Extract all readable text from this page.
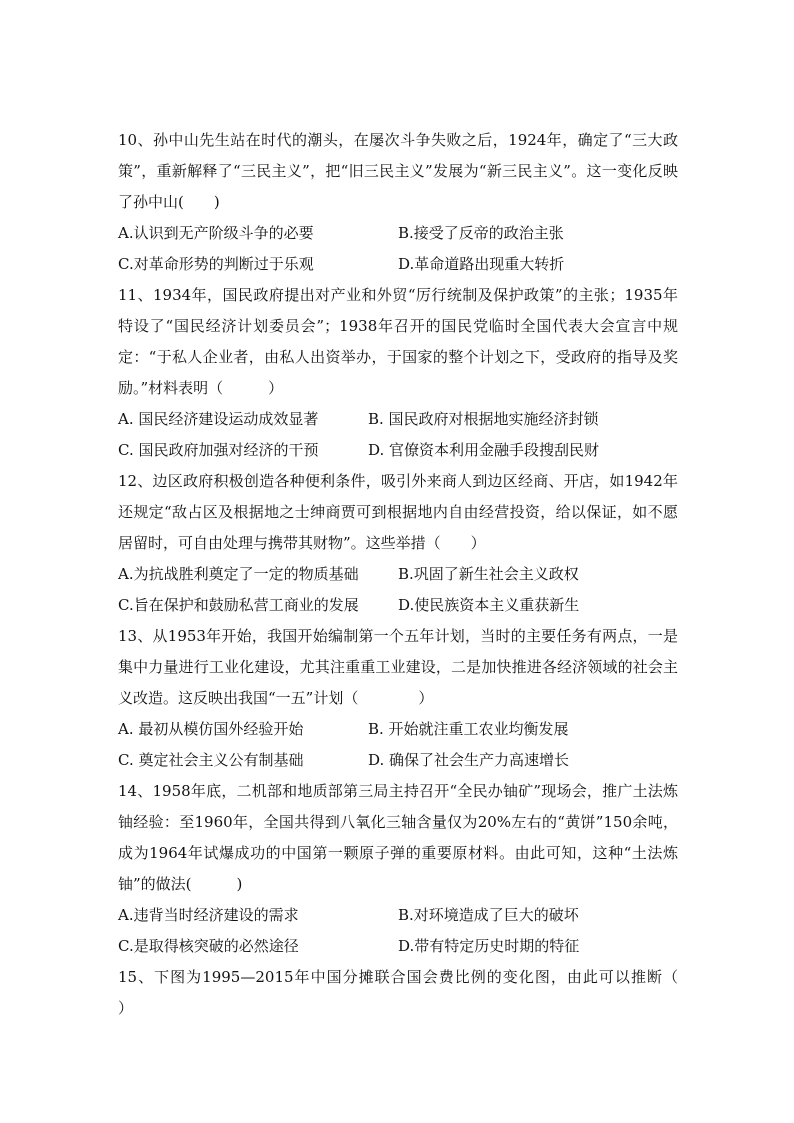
10、孙中山先生站在时代的潮头，在屡次斗争失败之后，1924年，确定了“三大政策”，重新解释了“三民主义”，把“旧三民主义”发展为“新三民主义”。这一变化反映了孙中山(　　)

A.认识到无产阶级斗争的必要	B.接受了反帝的政治主张
C.对革命形势的判断过于乐观	D.革命道路出现重大转折

11、1934年，国民政府提出对产业和外贸“厉行统制及保护政策”的主张；1935年特设了“国民经济计划委员会”；1938年召开的国民党临时全国代表大会宣言中规定：“于私人企业者，由私人出资举办，于国家的整个计划之下，受政府的指导及奖励。”材料表明（　　　）

A. 国民经济建设运动成效显著	B. 国民政府对根据地实施经济封锁
C. 国民政府加强对经济的干预	D. 官僚资本利用金融手段搜刮民财

12、边区政府积极创造各种便利条件，吸引外来商人到边区经商、开店，如1942年还规定“敌占区及根据地之士绅商贾可到根据地内自由经营投资，给以保证，如不愿居留时，可自由处理与携带其财物”。这些举措（　　）

A.为抗战胜利奠定了一定的物质基础	B.巩固了新生社会主义政权
C.旨在保护和鼓励私营工商业的发展	D.使民族资本主义重获新生

13、从1953年开始，我国开始编制第一个五年计划，当时的主要任务有两点，一是集中力量进行工业化建设，尤其注重重工业建设，二是加快推进各经济领域的社会主义改造。这反映出我国“一五”计划（　　　　）

A. 最初从模仿国外经验开始	B. 开始就注重工农业均衡发展
C. 奠定社会主义公有制基础	D. 确保了社会生产力高速增长

14、1958年底，二机部和地质部第三局主持召开“全民办铀矿”现场会，推广土法炼铀经验：至1960年，全国共得到八氧化三轴含量仅为20%左右的“黄饼”150余吨，成为1964年试爆成功的中国第一颗原子弹的重要原材料。由此可知，这种“土法炼铀”的做法(　　　)

A.违背当时经济建设的需求	B.对环境造成了巨大的破坏
C.是取得核突破的必然途径	D.带有特定历史时期的特征

15、下图为1995—2015年中国分摊联合国会费比例的变化图，由此可以推断（　　）
